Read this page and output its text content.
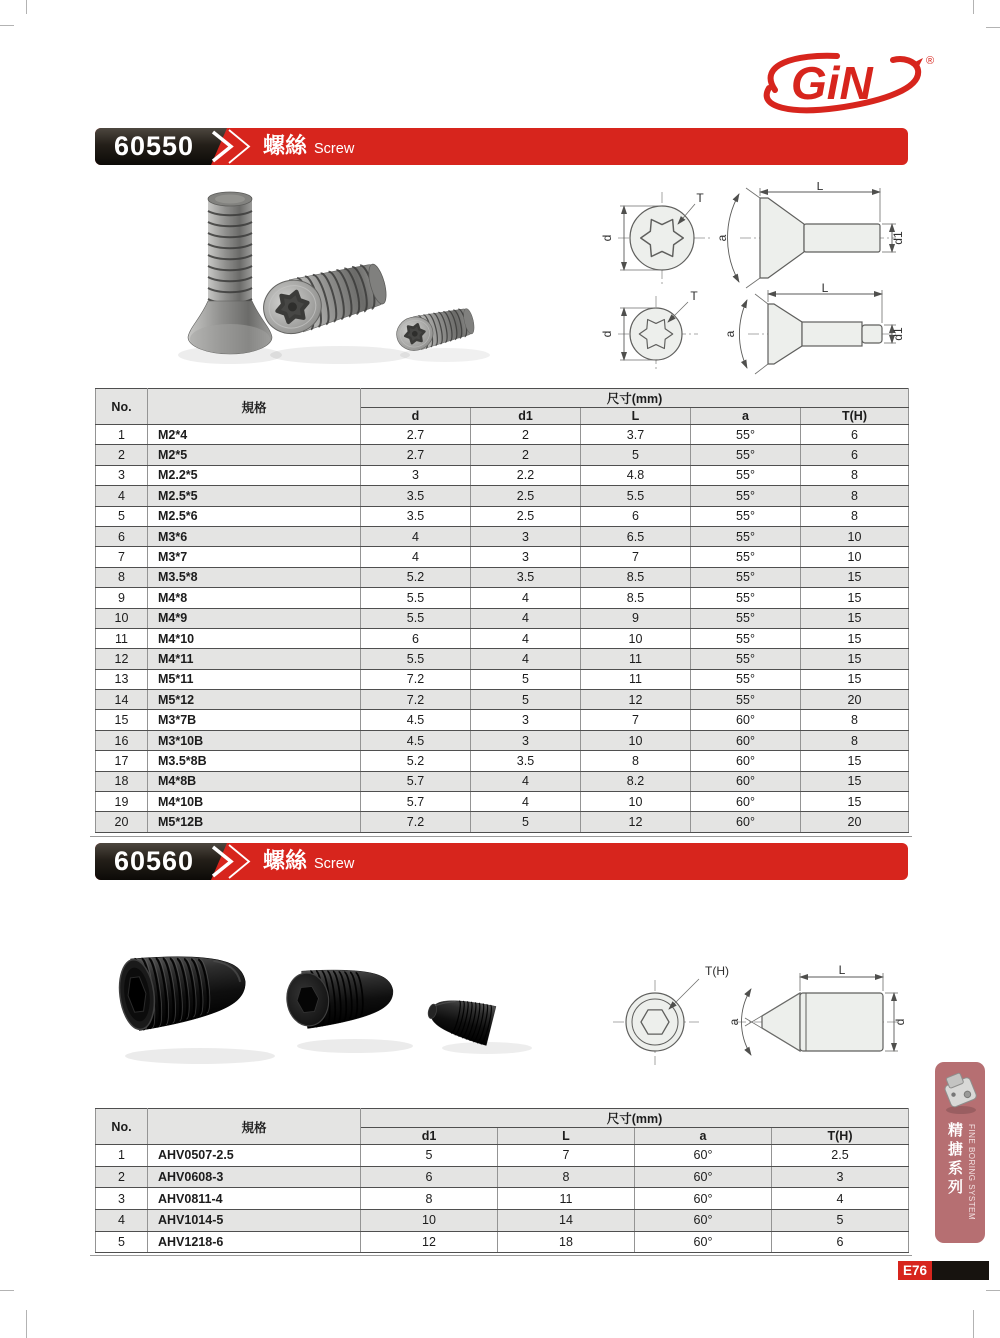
GiN	®
60550	螺絲 Screw
d
T
L
a	d1
d
T
L
a	d1
No.	規格	尺寸(mm)				
		d	d1	L	a	T(H)
1	M2*4	2.7	2	3.7	55°	6
2	M2*5	2.7	2	5	55°	6
3	M2.2*5	3	2.2	4.8	55°	8
4	M2.5*5	3.5	2.5	5.5	55°	8
5	M2.5*6	3.5	2.5	6	55°	8
6	M3*6	4	3	6.5	55°	10
7	M3*7	4	3	7	55°	10
8	M3.5*8	5.2	3.5	8.5	55°	15
9	M4*8	5.5	4	8.5	55°	15
10	M4*9	5.5	4	9	55°	15
11	M4*10	6	4	10	55°	15
12	M4*11	5.5	4	11	55°	15
13	M5*11	7.2	5	11	55°	15
14	M5*12	7.2	5	12	55°	20
15	M3*7B	4.5	3	7	60°	8
16	M3*10B	4.5	3	10	60°	8
17	M3.5*8B	5.2	3.5	8	60°	15
18	M4*8B	5.7	4	8.2	60°	15
19	M4*10B	5.7	4	10	60°	15
20	M5*12B	7.2	5	12	60°	20
60560	螺絲 Screw
T(H)	L
a	d
No.	規格	尺寸(mm)			
		d1	L	a	T(H)
1	AHV0507-2.5	5	7	60°	2.5
2	AHV0608-3	6	8	60°	3
3	AHV0811-4	8	11	60°	4
4	AHV1014-5	10	14	60°	5
5	AHV1218-6	12	18	60°	6
精搪系列 FINE BORING SYSTEM
E76
